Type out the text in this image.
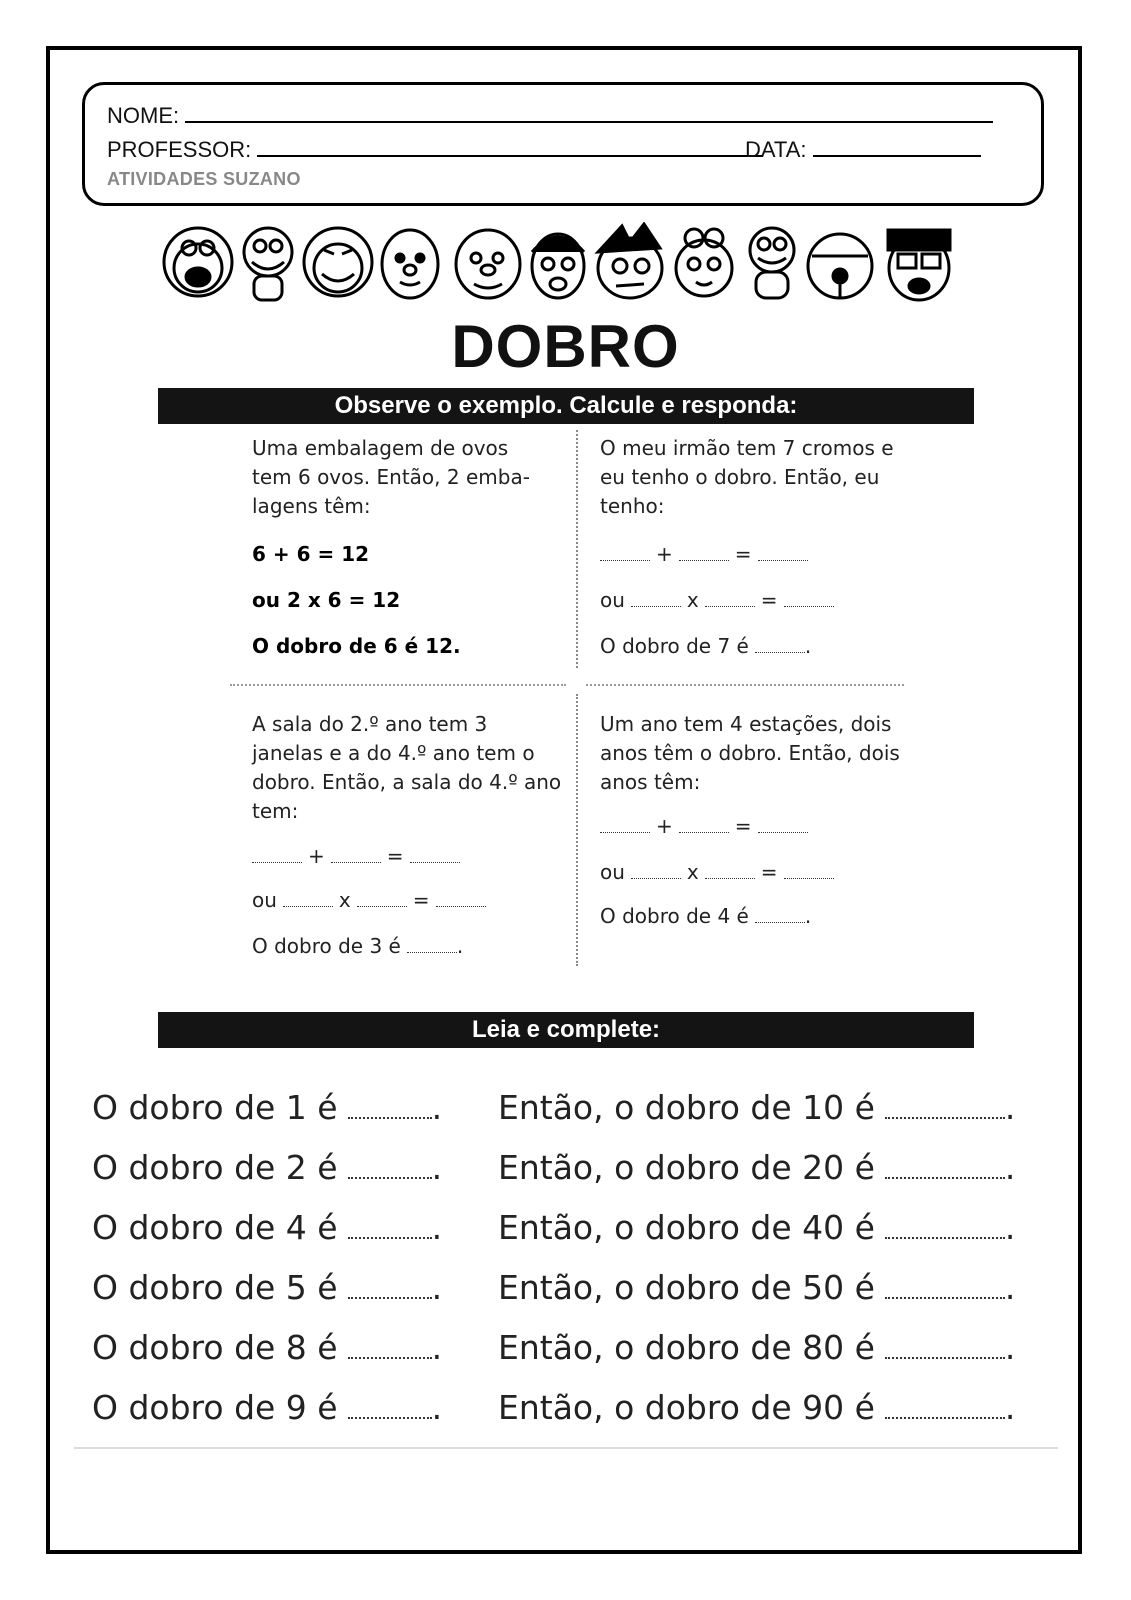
NOME:
PROFESSOR:	DATA:
ATIVIDADES SUZANO
DOBRO
Observe o exemplo. Calcule e responda:
Uma embalagem de ovos tem 6 ovos. Então, 2 emba-lagens têm:
6 + 6 = 12
ou 2 x 6 = 12
O dobro de 6 é 12.
O meu irmão tem 7 cromos e eu tenho o dobro. Então, eu tenho:
+	=
ou	x	=
O dobro de 7 é	.
A sala do 2.º ano tem 3 janelas e a do 4.º ano tem o dobro. Então, a sala do 4.º ano tem:
+	=
ou	x	=
O dobro de 3 é	.
Um ano tem 4 estações, dois anos têm o dobro. Então, dois anos têm:
+	=
ou	x	=
O dobro de 4 é	.
Leia e complete:
O dobro de 1 é	.
O dobro de 2 é	.
O dobro de 4 é	.
O dobro de 5 é	.
O dobro de 8 é	.
O dobro de 9 é	.
Então, o dobro de 10 é	.
Então, o dobro de 20 é	.
Então, o dobro de 40 é	.
Então, o dobro de 50 é	.
Então, o dobro de 80 é	.
Então, o dobro de 90 é	.
